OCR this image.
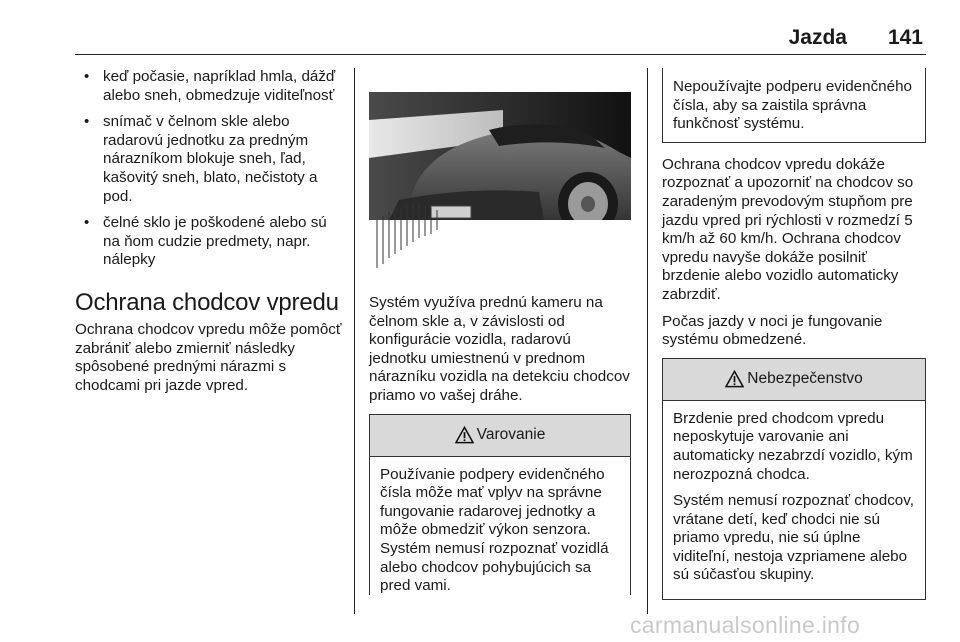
Jazda 141
• keď počasie, napríklad hmla, dážď alebo sneh, obmedzuje viditeľnosť
• snímač v čelnom skle alebo radarovú jednotku za predným nárazníkom blokuje sneh, ľad, kašovitý sneh, blato, nečistoty a pod.
• čelné sklo je poškodené alebo sú na ňom cudzie predmety, napr. nálepky
Ochrana chodcov vpredu

Ochrana chodcov vpredu môže pomôcť zabrániť alebo zmierniť následky spôsobené prednými nárazmi s chodcami pri jazde vpred.

Systém využíva prednú kameru na čelnom skle a, v závislosti od konfigurácie vozidla, radarovú jednotku umiestnenú v prednom nárazníku vozidla na detekciu chodcov priamo vo vašej dráhe.

Varovanie

Používanie podpery evidenčného čísla môže mať vplyv na správne fungovanie radarovej jednotky a môže obmedziť výkon senzora. Systém nemusí rozpoznať vozidlá alebo chodcov pohybujúcich sa pred vami.

Nepoužívajte podperu evidenčného čísla, aby sa zaistila správna funkčnosť systému.

Ochrana chodcov vpredu dokáže rozpoznať a upozorniť na chodcov so zaradeným prevodovým stupňom pre jazdu vpred pri rýchlosti v rozmedzí 5 km/h až 60 km/h. Ochrana chodcov vpredu navyše dokáže posilniť brzdenie alebo vozidlo automaticky zabrzdiť.

Počas jazdy v noci je fungovanie systému obmedzené.

Nebezpečenstvo

Brzdenie pred chodcom vpredu neposkytuje varovanie ani automaticky nezabrzdí vozidlo, kým nerozpozná chodca.

Systém nemusí rozpoznať chodcov, vrátane detí, keď chodci nie sú priamo vpredu, nie sú úplne viditeľní, nestoja vzpriamene alebo sú súčasťou skupiny.

carmanualsonline.info
